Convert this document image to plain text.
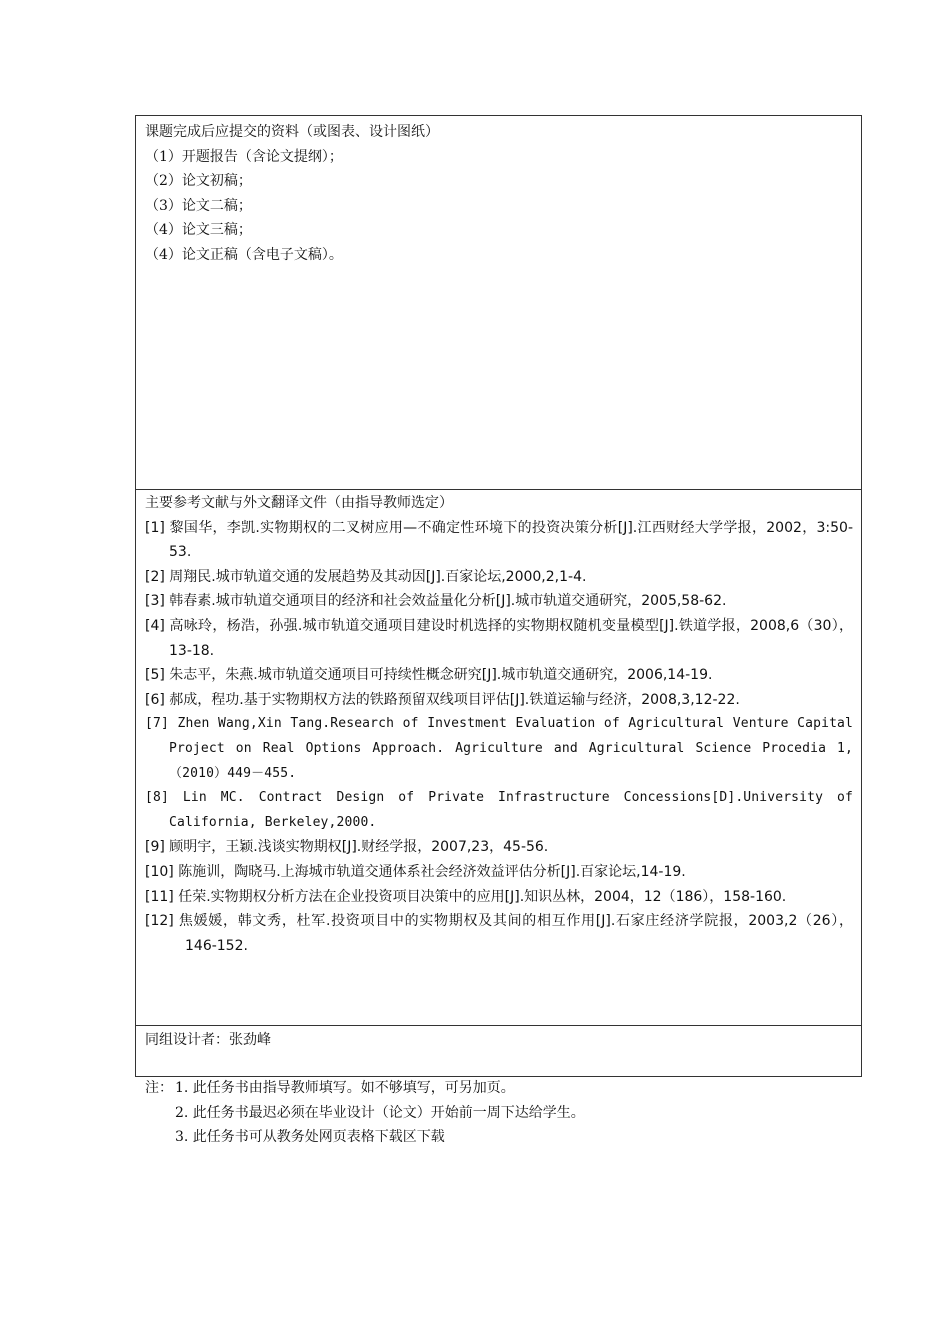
课题完成后应提交的资料（或图表、设计图纸）
（1）开题报告（含论文提纲）；
（2）论文初稿；
（3）论文二稿；
（4）论文三稿；
（4）论文正稿（含电子文稿）。
主要参考文献与外文翻译文件（由指导教师选定）
[1] 黎国华，李凯.实物期权的二叉树应用—不确定性环境下的投资决策分析[J].江西财经大学学报，2002，3:50-53.
[2] 周翔民.城市轨道交通的发展趋势及其动因[J].百家论坛,2000,2,1-4.
[3] 韩春素.城市轨道交通项目的经济和社会效益量化分析[J].城市轨道交通研究，2005,58-62.
[4] 高咏玲，杨浩，孙强.城市轨道交通项目建设时机选择的实物期权随机变量模型[J].铁道学报，2008,6（30），13-18.
[5] 朱志平，朱燕.城市轨道交通项目可持续性概念研究[J].城市轨道交通研究，2006,14-19.
[6] 郝成，程功.基于实物期权方法的铁路预留双线项目评估[J].铁道运输与经济，2008,3,12-22.
[7] Zhen Wang,Xin Tang.Research of Investment Evaluation of Agricultural Venture Capital Project on Real Options Approach. Agriculture and Agricultural Science Procedia 1,（2010）449－455.
[8] Lin MC. Contract Design of Private Infrastructure Concessions[D].University of California, Berkeley,2000.
[9] 顾明宇，王颖.浅谈实物期权[J].财经学报，2007,23，45-56.
[10] 陈施训，陶晓马.上海城市轨道交通体系社会经济效益评估分析[J].百家论坛,14-19.
[11] 任荣.实物期权分析方法在企业投资项目决策中的应用[J].知识丛林，2004，12（186），158-160.
[12] 焦媛媛，韩文秀，杜军.投资项目中的实物期权及其间的相互作用[J].石家庄经济学院报，2003,2（26），146-152.
同组设计者：张劲峰
注： 1. 此任务书由指导教师填写。如不够填写，可另加页。
2. 此任务书最迟必须在毕业设计（论文）开始前一周下达给学生。
3. 此任务书可从教务处网页表格下载区下载
